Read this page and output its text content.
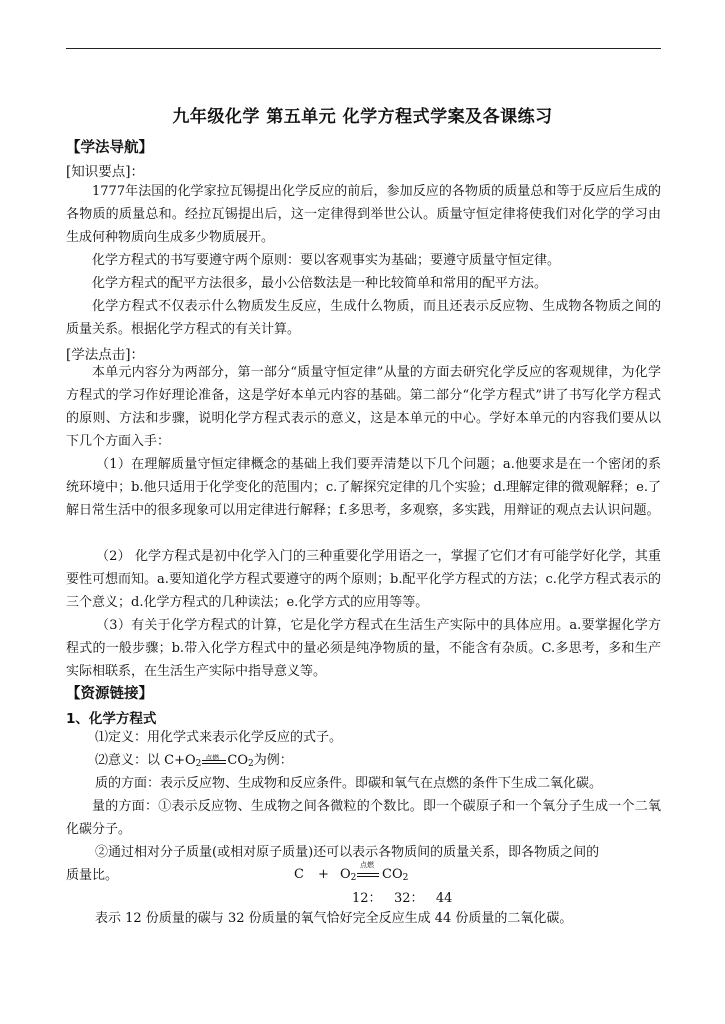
九年级化学 第五单元 化学方程式学案及各课练习
【学法导航】
[知识要点]：

1777年法国的化学家拉瓦锡提出化学反应的前后，参加反应的各物质的质量总和等于反应后生成的各物质的质量总和。经拉瓦锡提出后，这一定律得到举世公认。质量守恒定律将使我们对化学的学习由生成何种物质向生成多少物质展开。

化学方程式的书写要遵守两个原则：要以客观事实为基础；要遵守质量守恒定律。

化学方程式的配平方法很多，最小公倍数法是一种比较简单和常用的配平方法。

化学方程式不仅表示什么物质发生反应，生成什么物质，而且还表示反应物、生成物各物质之间的质量关系。根据化学方程式的有关计算。

[学法点击]：

本单元内容分为两部分，第一部分“质量守恒定律”从量的方面去研究化学反应的客观规律，为化学方程式的学习作好理论准备，这是学好本单元内容的基础。第二部分“化学方程式”讲了书写化学方程式的原则、方法和步骤，说明化学方程式表示的意义，这是本单元的中心。学好本单元的内容我们要从以下几个方面入手：

（1）在理解质量守恒定律概念的基础上我们要弄清楚以下几个问题；a.他要求是在一个密闭的系统环境中；b.他只适用于化学变化的范围内；c.了解探究定律的几个实验；d.理解定律的微观解释；e.了解日常生活中的很多现象可以用定律进行解释；f.多思考，多观察，多实践，用辩证的观点去认识问题。

（2） 化学方程式是初中化学入门的三种重要化学用语之一，掌握了它们才有可能学好化学，其重要性可想而知。a.要知道化学方程式要遵守的两个原则；b.配平化学方程式的方法；c.化学方程式表示的三个意义；d.化学方程式的几种读法；e.化学方式的应用等等。

（3）有关于化学方程式的计算，它是化学方程式在生活生产实际中的具体应用。a.要掌握化学方程式的一般步骤；b.带入化学方程式中的量必须是纯净物质的量，不能含有杂质。C.多思考，多和生产实际相联系，在生活生产实际中指导意义等。

【资源链接】
1、化学方程式
⑴定义：用化学式来表示化学反应的式子。
⑵意义：以 $C+O_2$
点燃 $CO_2$为例：
质的方面：表示反应物、生成物和反应条件。即碳和氧气在点燃的条件下生成二氧化碳。

量的方面：①表示反应物、生成物之间各微粒的个数比。即一个碳原子和一个氧分子生成一个二氧化碳分子。

②通过相对分子质量(或相对原子质量)还可以表示各物质间的质量关系，即各物质之间的
质量比。	$C + O_2$
点燃
$CO_2$
12：   32：   44
表示 12 份质量的碳与 32 份质量的氧气恰好完全反应生成 44 份质量的二氧化碳。
